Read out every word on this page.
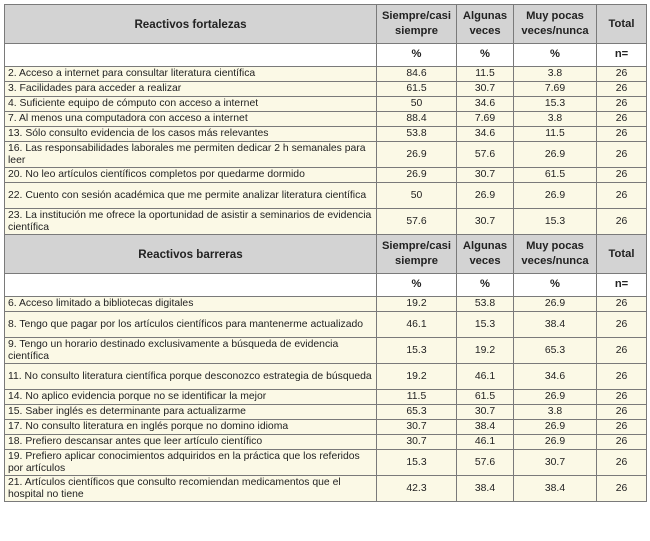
Reactivos fortalezas	Siempre/casi siempre	Algunas veces	Muy pocas veces/nunca	Total
	%	%	%	n=
2. Acceso a internet para consultar literatura científica	84.6	11.5	3.8	26
3. Facilidades para acceder a realizar	61.5	30.7	7.69	26
4. Suficiente equipo de cómputo con acceso a internet	50	34.6	15.3	26
7. Al menos una computadora con acceso a internet	88.4	7.69	3.8	26
13. Sólo consulto evidencia de los casos más relevantes	53.8	34.6	11.5	26
16. Las responsabilidades laborales me permiten dedicar 2 h semanales para leer	26.9	57.6	26.9	26
20. No leo artículos científicos completos por quedarme dormido	26.9	30.7	61.5	26
22. Cuento con sesión académica que me permite analizar literatura científica	50	26.9	26.9	26
23. La institución me ofrece la oportunidad de asistir a seminarios de evidencia científica	57.6	30.7	15.3	26
Reactivos barreras	Siempre/casi siempre	Algunas veces	Muy pocas veces/nunca	Total
	%	%	%	n=
6. Acceso limitado a bibliotecas digitales	19.2	53.8	26.9	26
8. Tengo que pagar por los artículos científicos para mantenerme actualizado	46.1	15.3	38.4	26
9. Tengo un horario destinado exclusivamente a búsqueda de evidencia científica	15.3	19.2	65.3	26
11. No consulto literatura científica porque desconozco estrategia de búsqueda	19.2	46.1	34.6	26
14. No aplico evidencia porque no se identificar la mejor	11.5	61.5	26.9	26
15. Saber inglés es determinante para actualizarme	65.3	30.7	3.8	26
17. No consulto literatura en inglés porque no domino idioma	30.7	38.4	26.9	26
18. Prefiero descansar antes que leer artículo científico	30.7	46.1	26.9	26
19. Prefiero aplicar conocimientos adquiridos en la práctica que los referidos por artículos	15.3	57.6	30.7	26
21. Artículos científicos que consulto recomiendan medicamentos que el hospital no tiene	42.3	38.4	38.4	26
